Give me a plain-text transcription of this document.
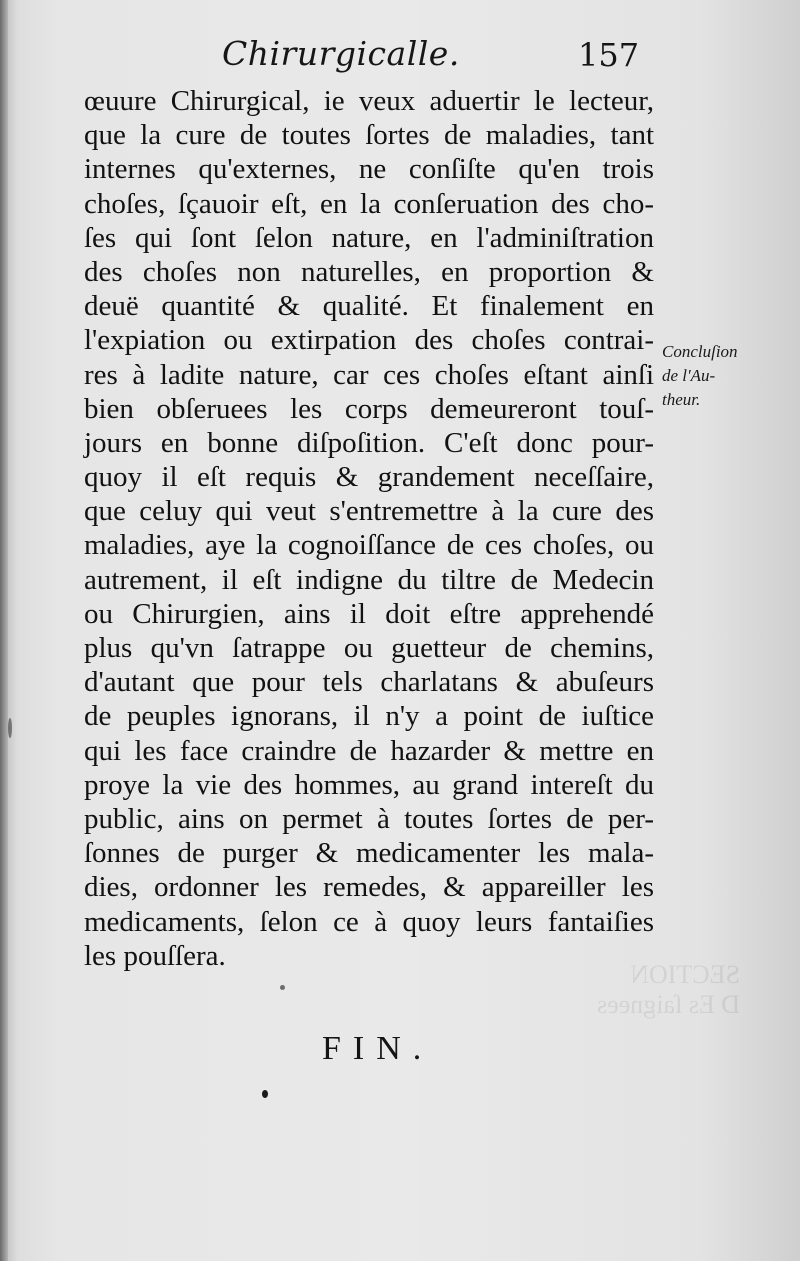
SECTION
D Es ſaignees
Chirurgicalle.	157
œuure Chirurgical, ie veux aduertir le lecteur,
que la cure de toutes ſortes de maladies, tant
internes qu'externes, ne conſiſte qu'en trois
choſes, ſçauoir eſt, en la conſeruation des cho-
ſes qui ſont ſelon nature, en l'adminiſtration
des choſes non naturelles, en proportion &
deuë quantité & qualité. Et finalement en
l'expiation ou extirpation des choſes contrai-
res à ladite nature, car ces choſes eſtant ainſi
bien obſeruees les corps demeureront touſ-
jours en bonne diſpoſition. C'eſt donc pour-
quoy il eſt requis & grandement neceſſaire,
que celuy qui veut s'entremettre à la cure des
maladies, aye la cognoiſſance de ces choſes, ou
autrement, il eſt indigne du tiltre de Medecin
ou Chirurgien, ains il doit eſtre apprehendé
plus qu'vn ſatrappe ou guetteur de chemins,
d'autant que pour tels charlatans & abuſeurs
de peuples ignorans, il n'y a point de iuſtice
qui les face craindre de hazarder & mettre en
proye la vie des hommes, au grand intereſt du
public, ains on permet à toutes ſortes de per-
ſonnes de purger & medicamenter les mala-
dies, ordonner les remedes, & appareiller les
medicaments, ſelon ce à quoy leurs fantaiſies
les pouſſera.
Concluſion
de l'Au-
theur.
FIN.
